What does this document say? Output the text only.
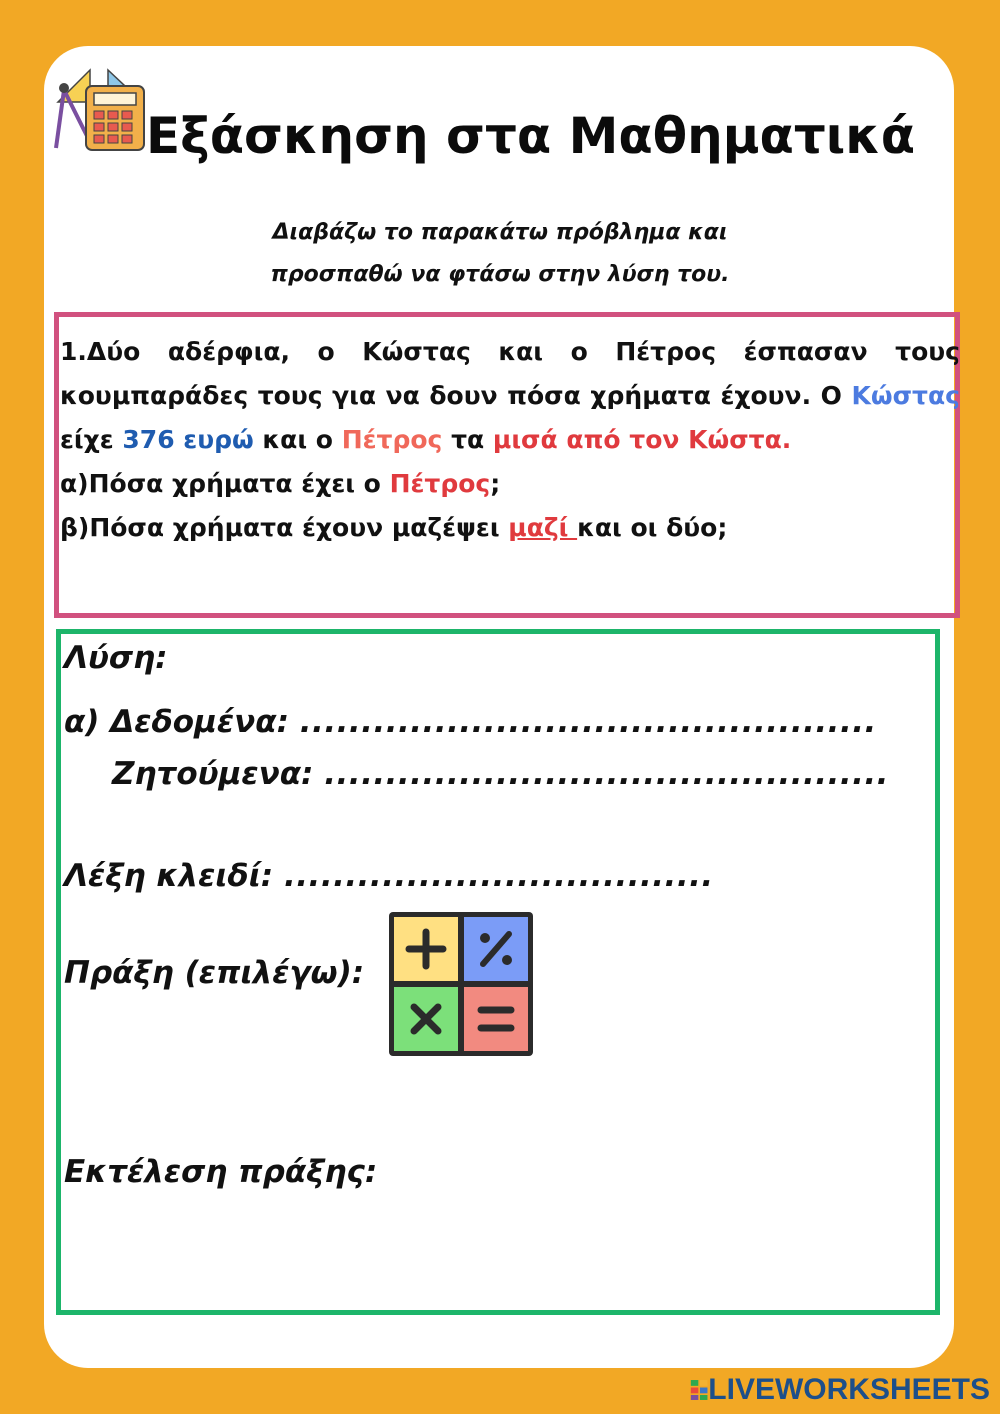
Εξάσκηση στα Μαθηματικά
Διαβάζω το παρακάτω πρόβλημα και
προσπαθώ να φτάσω στην λύση του.
1.Δύο αδέρφια, ο Κώστας και ο Πέτρος έσπασαν τους κουμπαράδες τους για να δουν πόσα χρήματα έχουν. Ο Κώστας είχε 376 ευρώ και ο Πέτρος τα μισά από τον Κώστα.
α)Πόσα χρήματα έχει ο Πέτρος;
β)Πόσα χρήματα έχουν μαζέψει μαζί και οι δύο;
Λύση:
α) Δεδομένα: ...............................................
Ζητούμενα: ..............................................
Λέξη κλειδί: ...................................
Πράξη (επιλέγω):
Εκτέλεση πράξης:
LIVEWORKSHEETS
